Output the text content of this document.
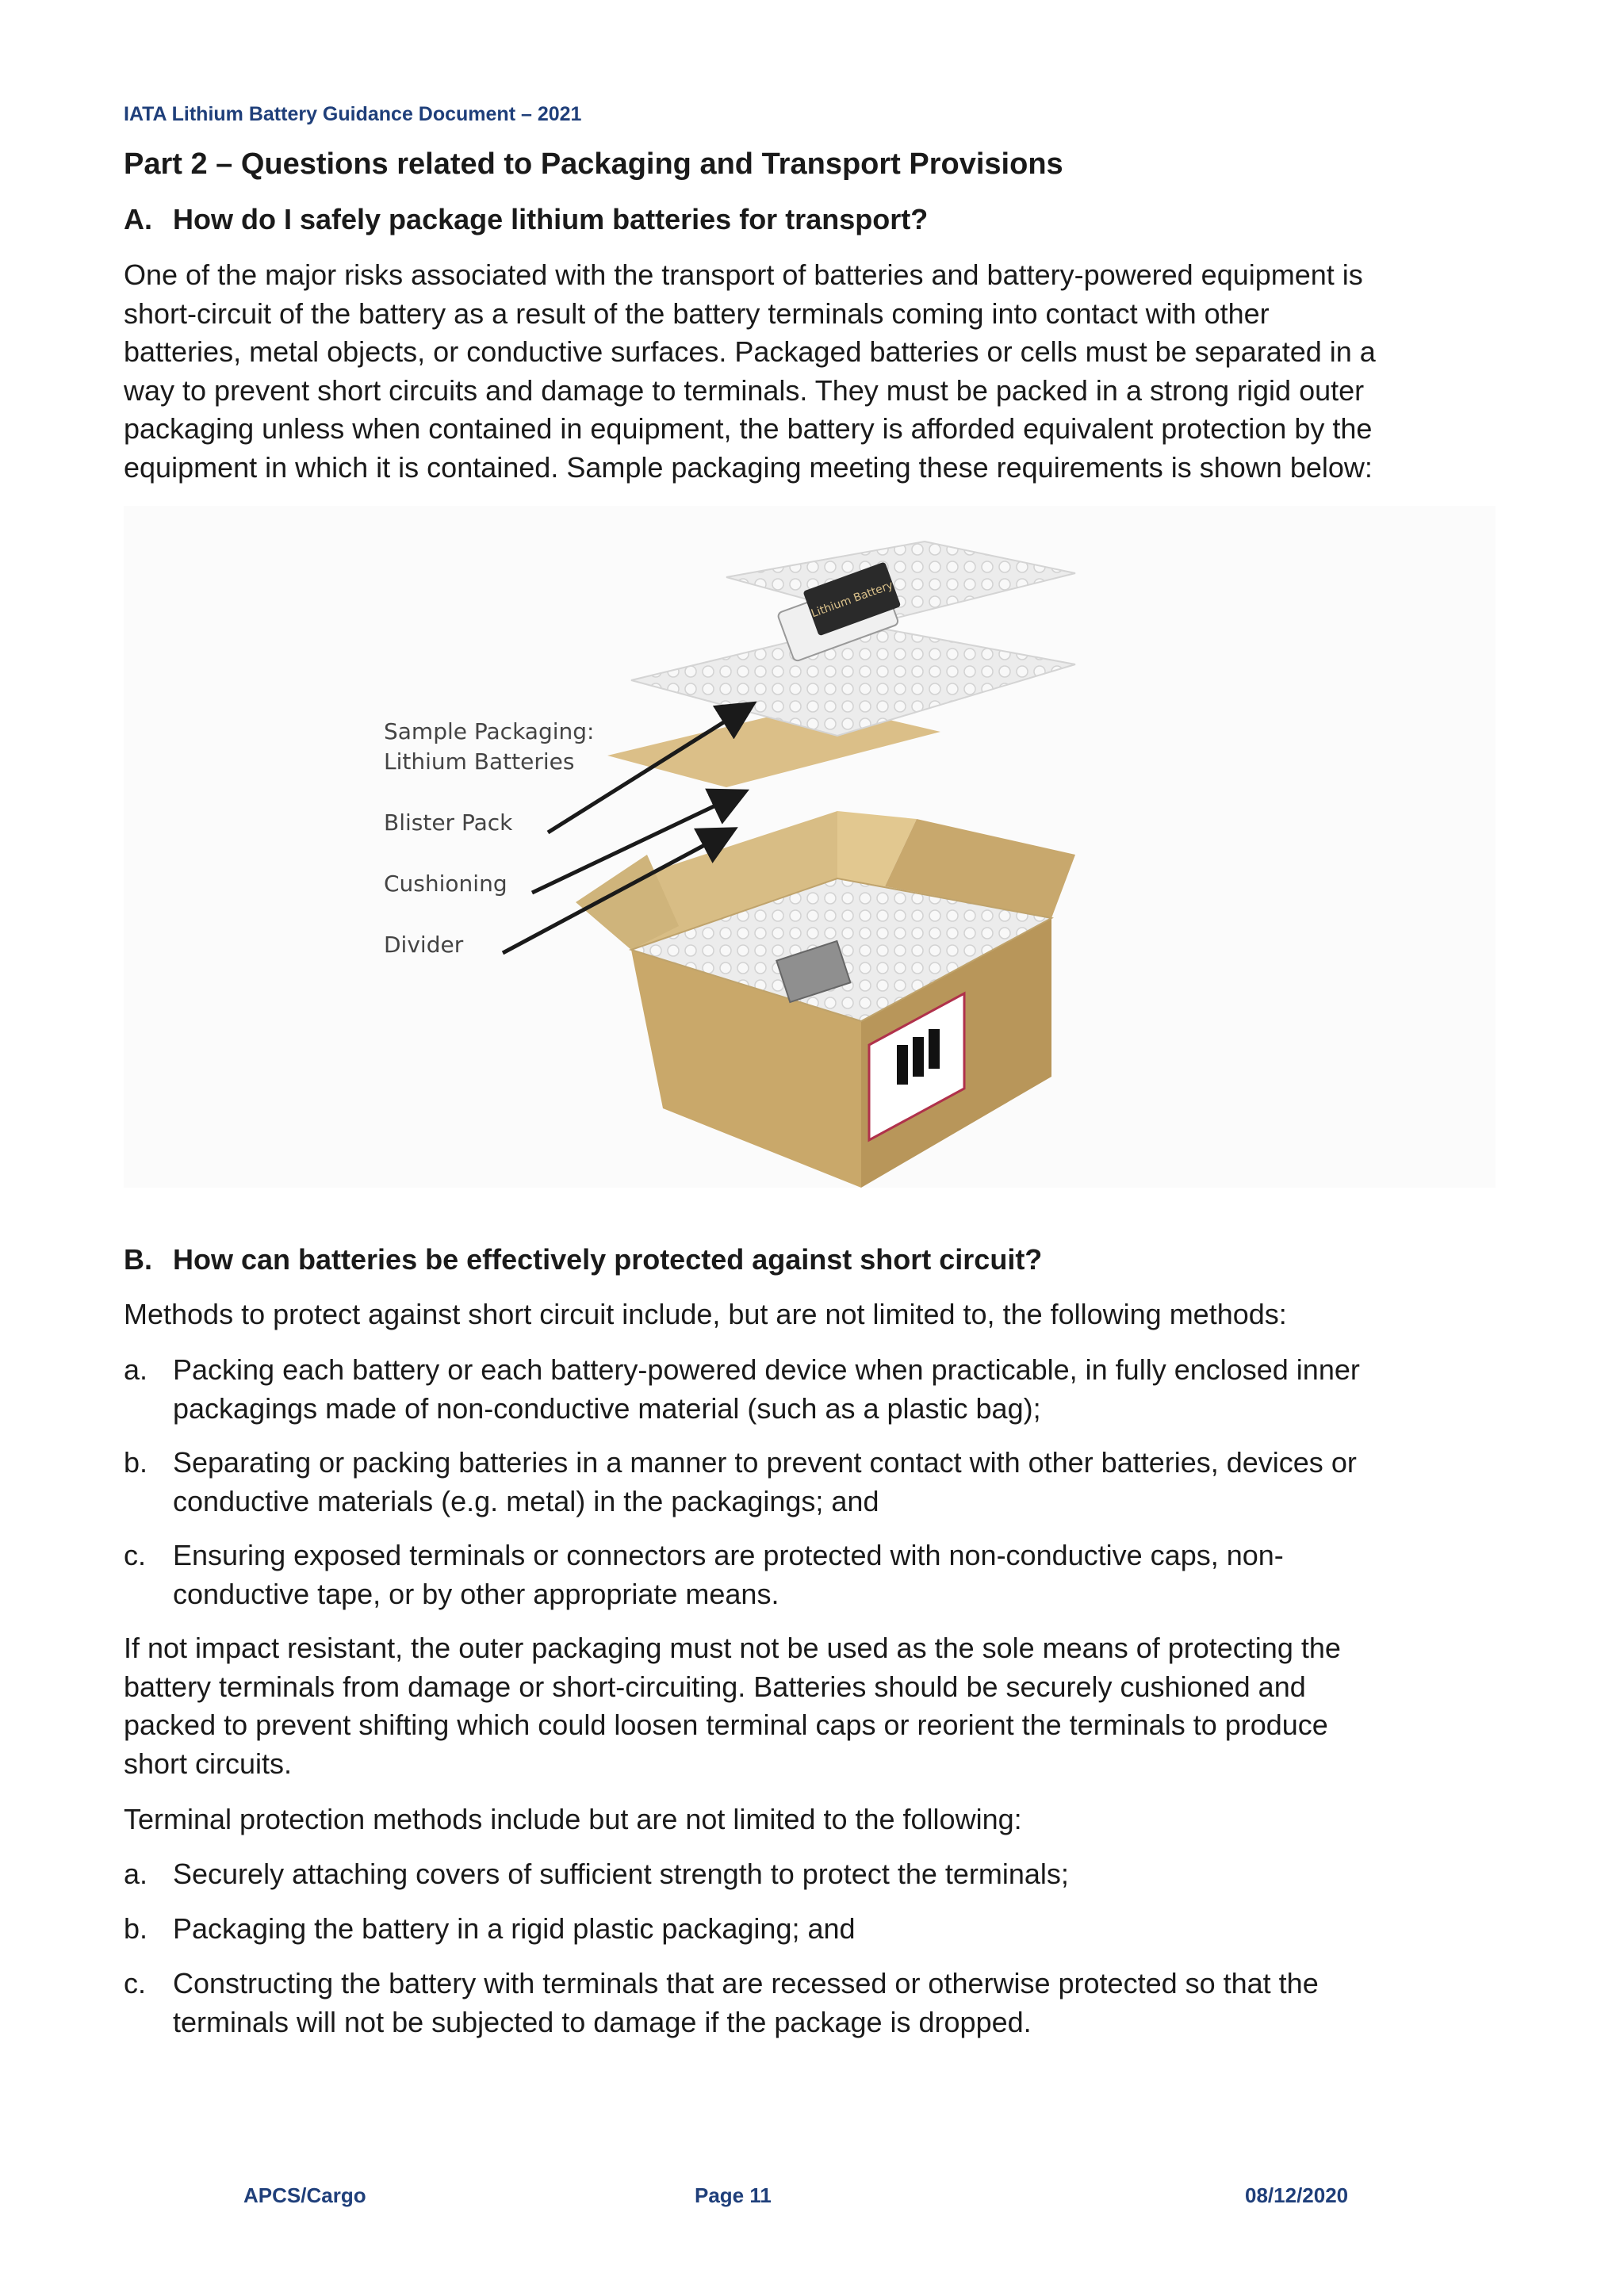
IATA Lithium Battery Guidance Document – 2021
Part 2 – Questions related to Packaging and Transport Provisions
A. How do I safely package lithium batteries for transport?
One of the major risks associated with the transport of batteries and battery-powered equipment is
short-circuit of the battery as a result of the battery terminals coming into contact with other
batteries, metal objects, or conductive surfaces. Packaged batteries or cells must be separated in a
way to prevent short circuits and damage to terminals. They must be packed in a strong rigid outer
packaging unless when contained in equipment, the battery is afforded equivalent protection by the
equipment in which it is contained. Sample packaging meeting these requirements is shown below:
Lithium Battery
Sample Packaging:
Lithium Batteries
Blister Pack
Cushioning
Divider
B. How can batteries be effectively protected against short circuit?
Methods to protect against short circuit include, but are not limited to, the following methods:
a. Packing each battery or each battery-powered device when practicable, in fully enclosed inner
packagings made of non-conductive material (such as a plastic bag);
b. Separating or packing batteries in a manner to prevent contact with other batteries, devices or
conductive materials (e.g. metal) in the packagings; and
c. Ensuring exposed terminals or connectors are protected with non-conductive caps, non-
conductive tape, or by other appropriate means.
If not impact resistant, the outer packaging must not be used as the sole means of protecting the
battery terminals from damage or short-circuiting. Batteries should be securely cushioned and
packed to prevent shifting which could loosen terminal caps or reorient the terminals to produce
short circuits.
Terminal protection methods include but are not limited to the following:
a. Securely attaching covers of sufficient strength to protect the terminals;
b. Packaging the battery in a rigid plastic packaging; and
c. Constructing the battery with terminals that are recessed or otherwise protected so that the
terminals will not be subjected to damage if the package is dropped.
APCS/Cargo	Page 11	08/12/2020
